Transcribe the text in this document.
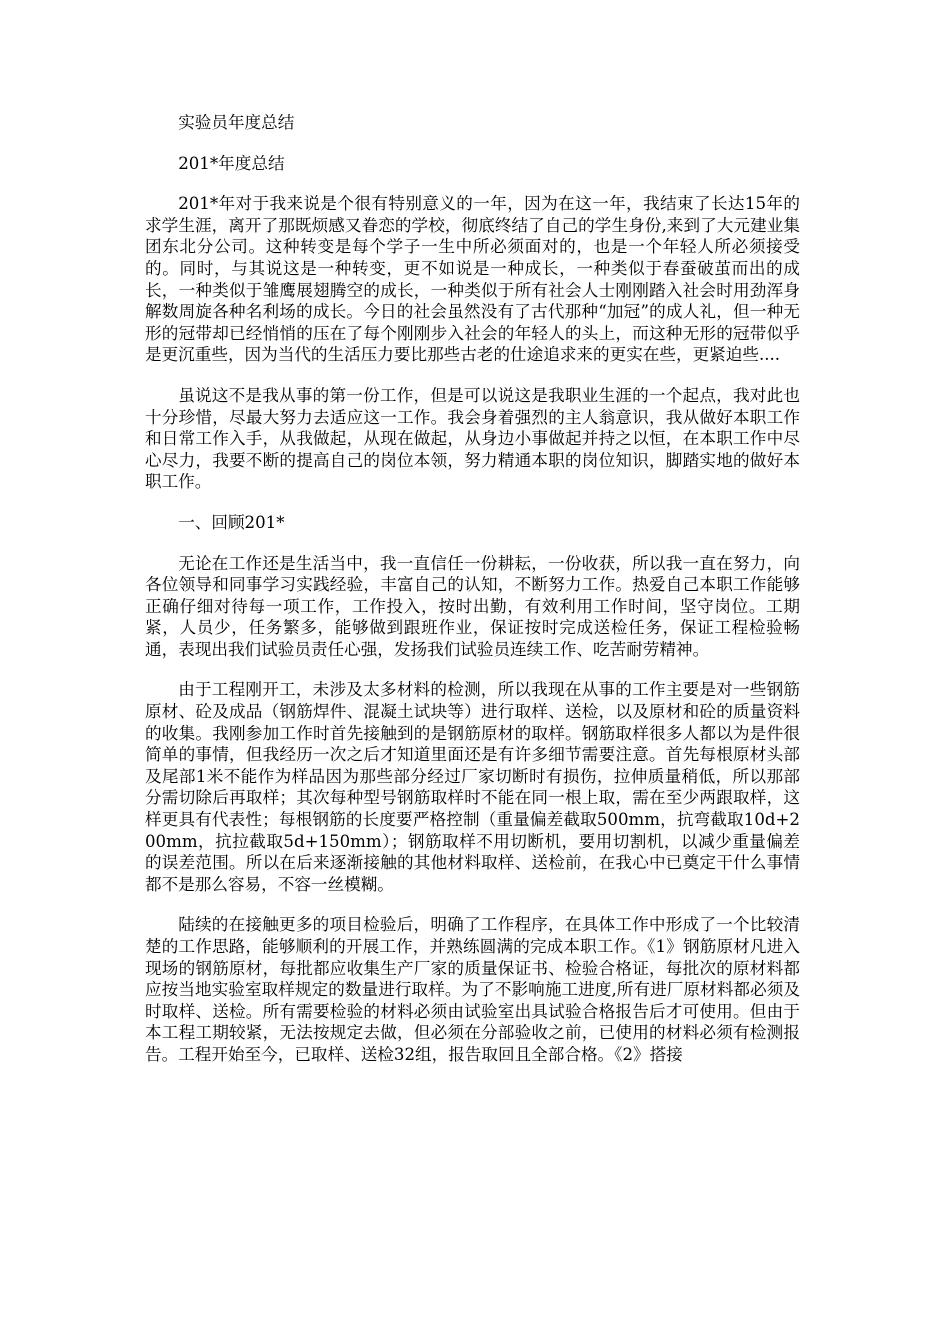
实验员年度总结

201*年度总结

201*年对于我来说是个很有特别意义的一年，因为在这一年，我结束了长达15年的求学生涯，离开了那既烦感又眷恋的学校，彻底终结了自己的学生身份,来到了大元建业集团东北分公司。这种转变是每个学子一生中所必须面对的，也是一个年轻人所必须接受的。同时，与其说这是一种转变，更不如说是一种成长，一种类似于春蚕破茧而出的成长，一种类似于雏鹰展翅腾空的成长，一种类似于所有社会人士刚刚踏入社会时用劲浑身解数周旋各种名利场的成长。今日的社会虽然没有了古代那种“加冠”的成人礼，但一种无形的冠带却已经悄悄的压在了每个刚刚步入社会的年轻人的头上，而这种无形的冠带似乎是更沉重些，因为当代的生活压力要比那些古老的仕途追求来的更实在些，更紧迫些....

虽说这不是我从事的第一份工作，但是可以说这是我职业生涯的一个起点，我对此也十分珍惜，尽最大努力去适应这一工作。我会身着强烈的主人翁意识，我从做好本职工作和日常工作入手，从我做起，从现在做起，从身边小事做起并持之以恒，在本职工作中尽心尽力，我要不断的提高自己的岗位本领，努力精通本职的岗位知识，脚踏实地的做好本职工作。

一、回顾201*

无论在工作还是生活当中，我一直信任一份耕耘，一份收获，所以我一直在努力，向各位领导和同事学习实践经验，丰富自己的认知，不断努力工作。热爱自己本职工作能够正确仔细对待每一项工作，工作投入，按时出勤，有效利用工作时间，坚守岗位。工期紧，人员少，任务繁多，能够做到跟班作业，保证按时完成送检任务，保证工程检验畅通，表现出我们试验员责任心强，发扬我们试验员连续工作、吃苦耐劳精神。

由于工程刚开工，未涉及太多材料的检测，所以我现在从事的工作主要是对一些钢筋原材、砼及成品（钢筋焊件、混凝土试块等）进行取样、送检，以及原材和砼的质量资料的收集。我刚参加工作时首先接触到的是钢筋原材的取样。钢筋取样很多人都以为是件很简单的事情，但我经历一次之后才知道里面还是有许多细节需要注意。首先每根原材头部及尾部1米不能作为样品因为那些部分经过厂家切断时有损伤，拉伸质量稍低，所以那部分需切除后再取样；其次每种型号钢筋取样时不能在同一根上取，需在至少两跟取样，这样更具有代表性；每根钢筋的长度要严格控制（重量偏差截取500mm，抗弯截取10d+200mm，抗拉截取5d+150mm）；钢筋取样不用切断机，要用切割机，以减少重量偏差的误差范围。所以在后来逐渐接触的其他材料取样、送检前，在我心中已奠定干什么事情都不是那么容易，不容一丝模糊。

陆续的在接触更多的项目检验后，明确了工作程序，在具体工作中形成了一个比较清楚的工作思路，能够顺利的开展工作，并熟练圆满的完成本职工作。《1》钢筋原材凡进入现场的钢筋原材，每批都应收集生产厂家的质量保证书、检验合格证，每批次的原材料都应按当地实验室取样规定的数量进行取样。为了不影响施工进度,所有进厂原材料都必须及时取样、送检。所有需要检验的材料必须由试验室出具试验合格报告后才可使用。但由于本工程工期较紧，无法按规定去做，但必须在分部验收之前，已使用的材料必须有检测报告。工程开始至今，已取样、送检32组，报告取回且全部合格。《2》搭接
